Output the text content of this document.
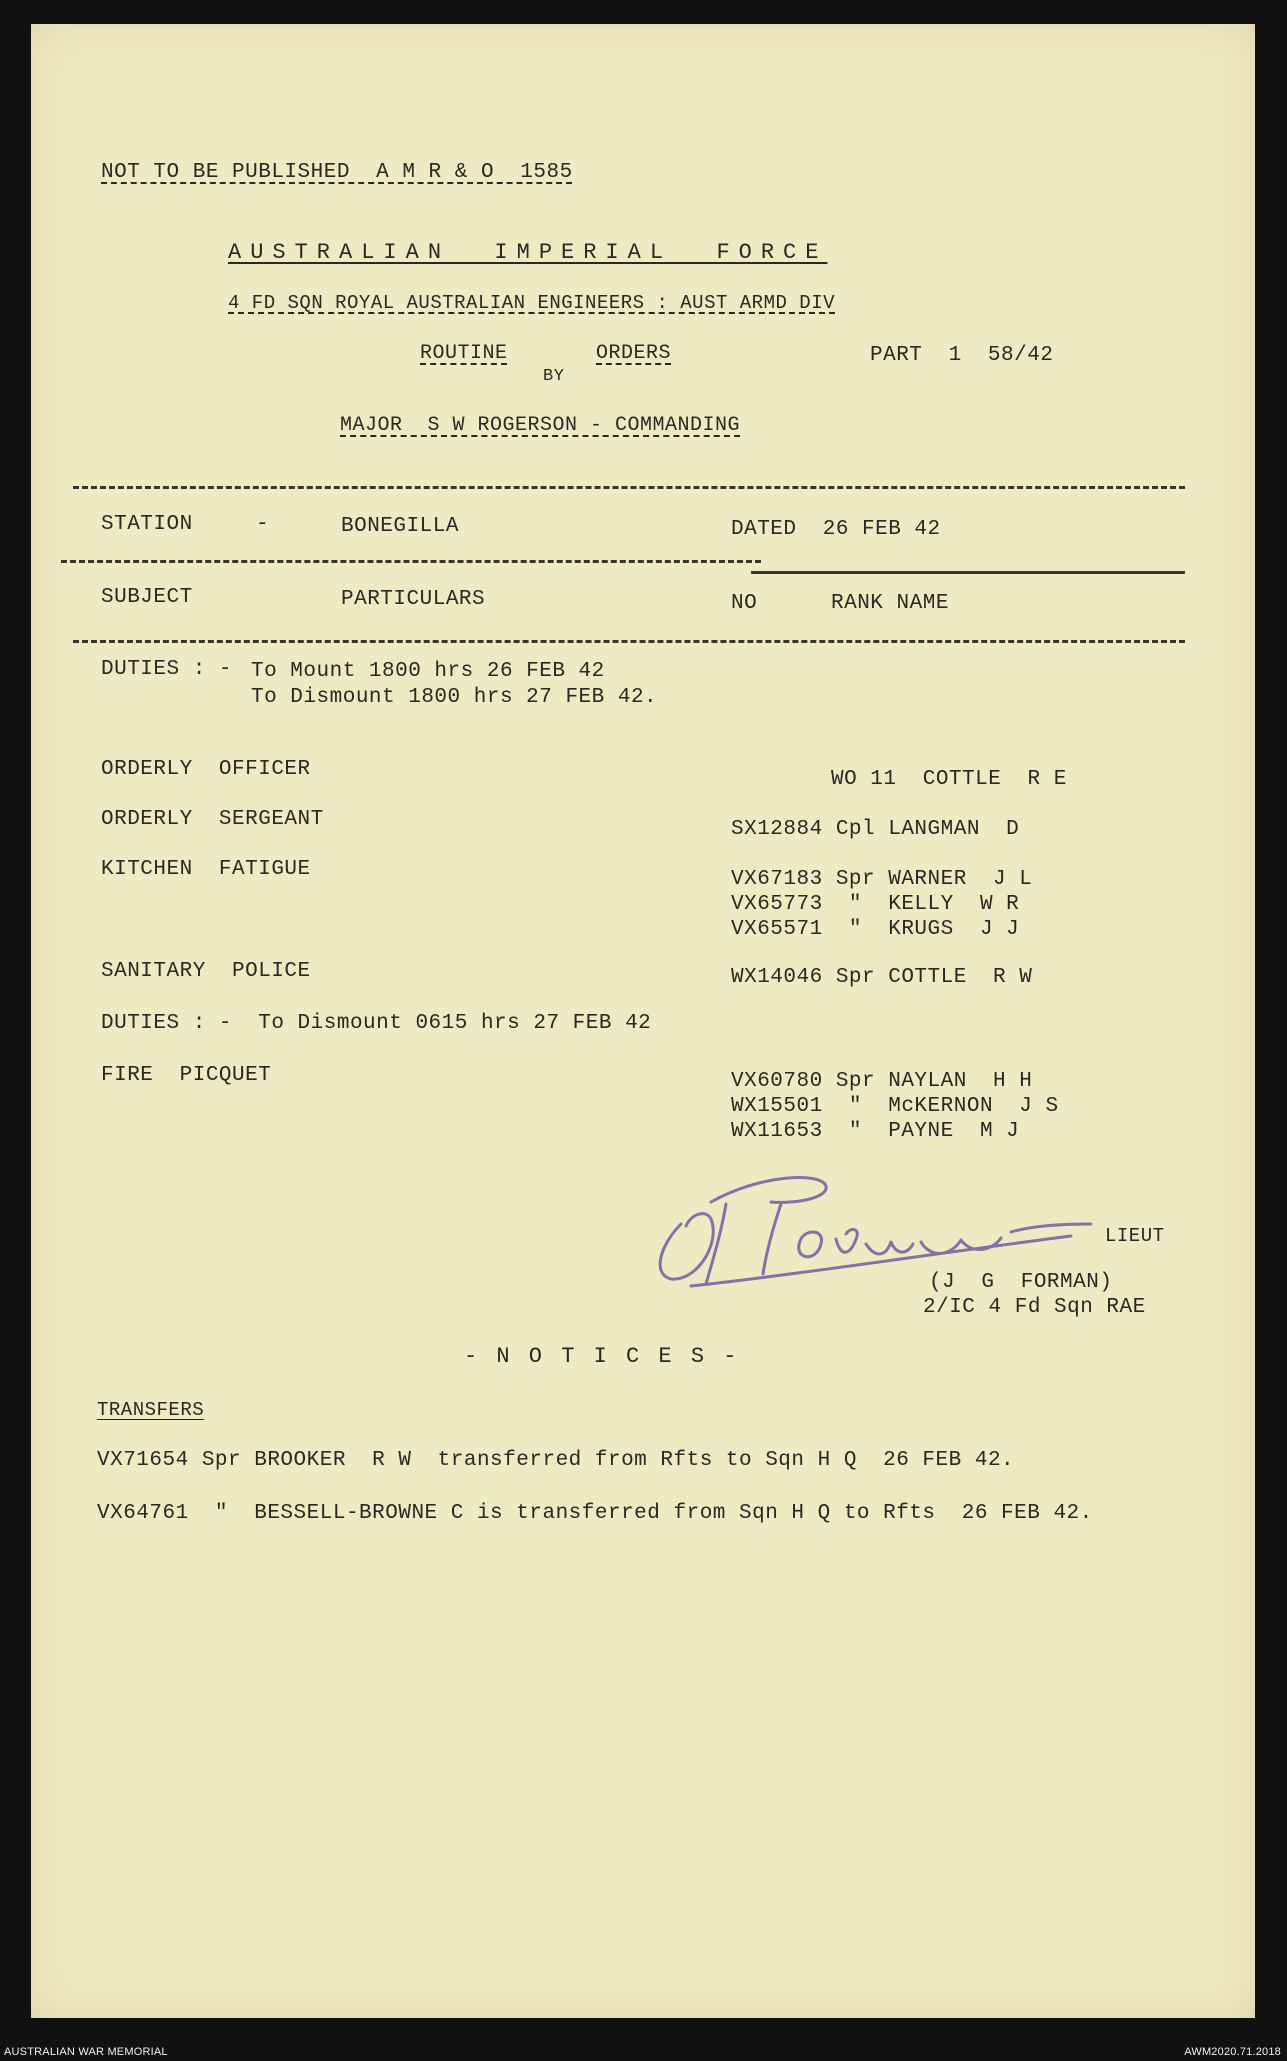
NOT TO BE PUBLISHED  A M R & O  1585
AUSTRALIAN  IMPERIAL  FORCE
4 FD SQN ROYAL AUSTRALIAN ENGINEERS : AUST ARMD DIV
ROUTINE	ORDERS
BY
PART  1  58/42
MAJOR  S W ROGERSON - COMMANDING
STATION	-	BONEGILLA	DATED  26 FEB 42
SUBJECT	PARTICULARS	NO	RANK NAME
DUTIES : - To Mount 1800 hrs 26 FEB 42
To Dismount 1800 hrs 27 FEB 42.
ORDERLY  OFFICER	WO 11  COTTLE  R E
ORDERLY  SERGEANT	SX12884 Cpl LANGMAN  D
KITCHEN  FATIGUE	VX67183 Spr WARNER  J L
VX65773  "  KELLY  W R
VX65571  "  KRUGS  J J
SANITARY  POLICE	WX14046 Spr COTTLE  R W
DUTIES : -  To Dismount 0615 hrs 27 FEB 42
FIRE  PICQUET	VX60780 Spr NAYLAN  H H
WX15501  "  McKERNON  J S
WX11653  "  PAYNE  M J
LIEUT
(J  G  FORMAN)
2/IC 4 Fd Sqn RAE
- N O T I C E S -
TRANSFERS
VX71654 Spr BROOKER  R W  transferred from Rfts to Sqn H Q  26 FEB 42.
VX64761  "  BESSELL-BROWNE C is transferred from Sqn H Q to Rfts  26 FEB 42.
AUSTRALIAN WAR MEMORIAL	AWM2020.71.2018
